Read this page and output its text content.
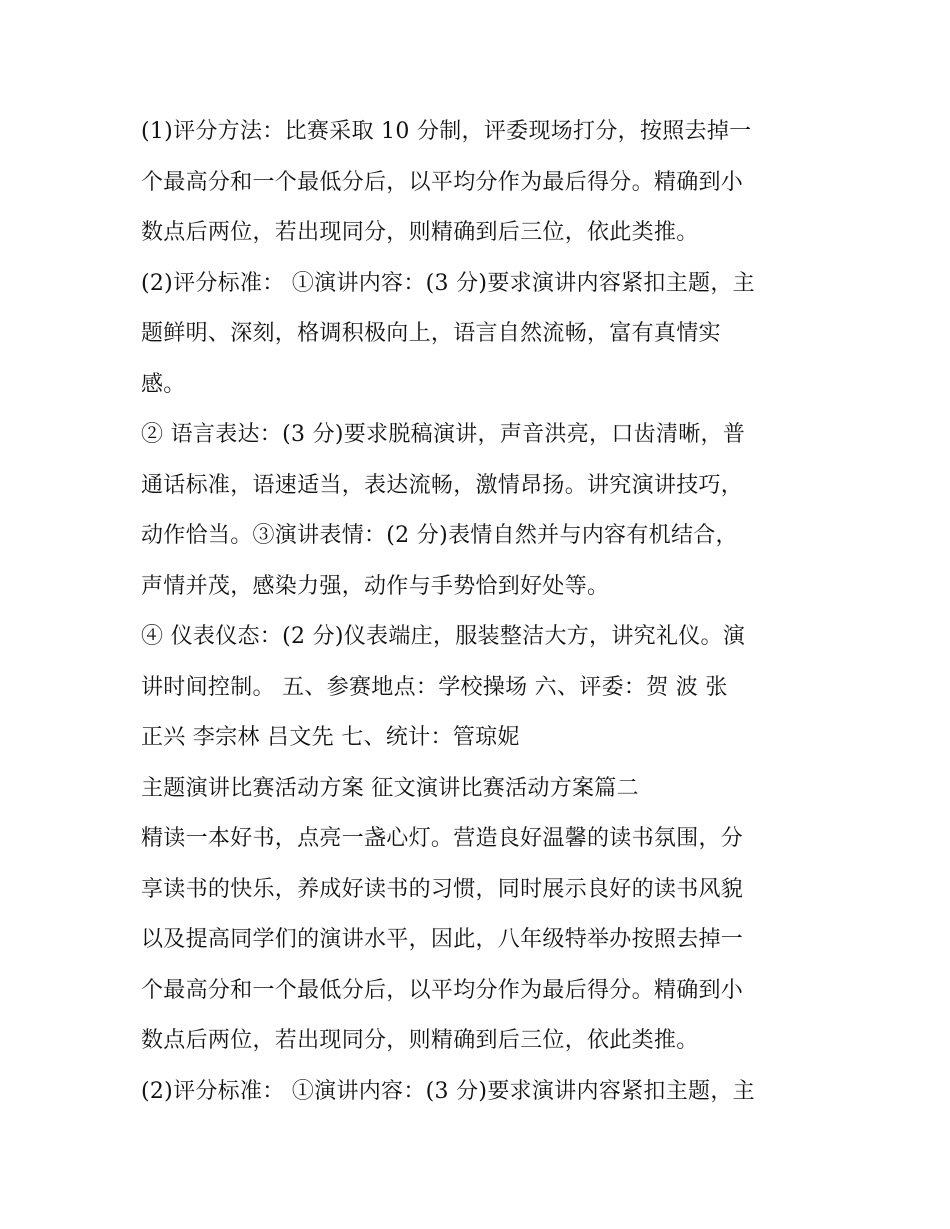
(1)评分方法：比赛采取 10 分制，评委现场打分，按照去掉一
个最高分和一个最低分后，以平均分作为最后得分。精确到小
数点后两位，若出现同分，则精确到后三位，依此类推。
(2)评分标准： ①演讲内容：(3 分)要求演讲内容紧扣主题，主
题鲜明、深刻，格调积极向上，语言自然流畅，富有真情实
感。
② 语言表达：(3 分)要求脱稿演讲，声音洪亮，口齿清晰，普
通话标准，语速适当，表达流畅，激情昂扬。讲究演讲技巧，
动作恰当。③演讲表情：(2 分)表情自然并与内容有机结合，
声情并茂，感染力强，动作与手势恰到好处等。
④ 仪表仪态：(2 分)仪表端庄，服装整洁大方，讲究礼仪。演
讲时间控制。 五、参赛地点：学校操场 六、评委：贺 波 张
正兴 李宗林 吕文先 七、统计：管琼妮
主题演讲比赛活动方案 征文演讲比赛活动方案篇二
精读一本好书，点亮一盏心灯。营造良好温馨的读书氛围，分
享读书的快乐，养成好读书的习惯，同时展示良好的读书风貌
以及提高同学们的演讲水平，因此，八年级特举办按照去掉一
个最高分和一个最低分后，以平均分作为最后得分。精确到小
数点后两位，若出现同分，则精确到后三位，依此类推。
(2)评分标准： ①演讲内容：(3 分)要求演讲内容紧扣主题，主
